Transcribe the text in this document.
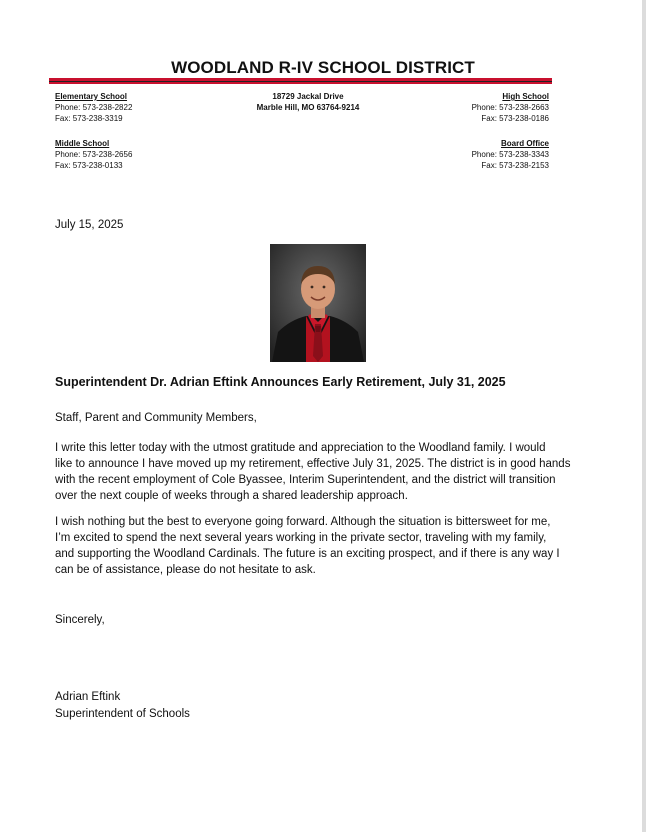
WOODLAND R-IV SCHOOL DISTRICT
Elementary School
Phone: 573-238-2822
Fax: 573-238-3319
18729 Jackal Drive
Marble Hill, MO 63764-9214
High School
Phone: 573-238-2663
Fax: 573-238-0186
Middle School
Phone: 573-238-2656
Fax: 573-238-0133
Board Office
Phone: 573-238-3343
Fax: 573-238-2153
July 15, 2025
Superintendent Dr. Adrian Eftink Announces Early Retirement, July 31, 2025
Staff, Parent and Community Members,
I write this letter today with the utmost gratitude and appreciation to the Woodland family. I would
like to announce I have moved up my retirement, effective July 31, 2025. The district is in good hands
with the recent employment of Cole Byassee, Interim Superintendent, and the district will transition
over the next couple of weeks through a shared leadership approach.
I wish nothing but the best to everyone going forward. Although the situation is bittersweet for me,
I’m excited to spend the next several years working in the private sector, traveling with my family,
and supporting the Woodland Cardinals. The future is an exciting prospect, and if there is any way I
can be of assistance, please do not hesitate to ask.
Sincerely,
Adrian Eftink
Superintendent of Schools
